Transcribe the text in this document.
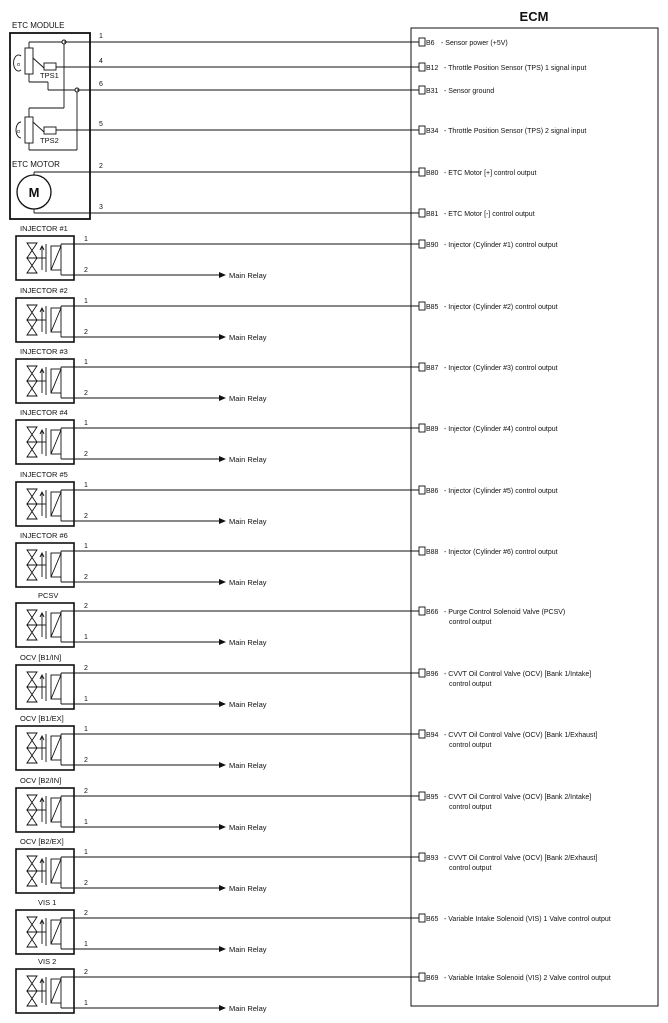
ECM
ETC MODULE
α
TPS1
α
TPS2
ETC MOTOR
M
1
B6 - Sensor power (+5V)
4
B12 - Throttle Position Sensor (TPS) 1 signal input
6
B31 - Sensor ground
5
B34 - Throttle Position Sensor (TPS) 2 signal input
2
B80 - ETC Motor [+] control output
3
B81 - ETC Motor [-] control output
INJECTOR #1
1
2
Main Relay
B90 - Injector (Cylinder #1) control output
INJECTOR #2
1
2
Main Relay
B85 - Injector (Cylinder #2) control output
INJECTOR #3
1
2
Main Relay
B87 - Injector (Cylinder #3) control output
INJECTOR #4
1
2
Main Relay
B89 - Injector (Cylinder #4) control output
INJECTOR #5
1
2
Main Relay
B86 - Injector (Cylinder #5) control output
INJECTOR #6
1
2
Main Relay
B88 - Injector (Cylinder #6) control output
PCSV
2
1
Main Relay
B66 - Purge Control Solenoid Valve (PCSV)
control output
OCV [B1/IN]
2
1
Main Relay
B96 - CVVT Oil Control Valve (OCV) [Bank 1/Intake]
control output
OCV [B1/EX]
1
2
Main Relay
B94 - CVVT Oil Control Valve (OCV) [Bank 1/Exhaust]
control output
OCV [B2/IN]
2
1
Main Relay
B95 - CVVT Oil Control Valve (OCV) [Bank 2/Intake]
control output
OCV [B2/EX]
1
2
Main Relay
B93 - CVVT Oil Control Valve (OCV) [Bank 2/Exhaust]
control output
VIS 1
2
1
Main Relay
B65 - Variable Intake Solenoid (VIS) 1 Valve control output
VIS 2
2
1
Main Relay
B69 - Variable Intake Solenoid (VIS) 2 Valve control output
